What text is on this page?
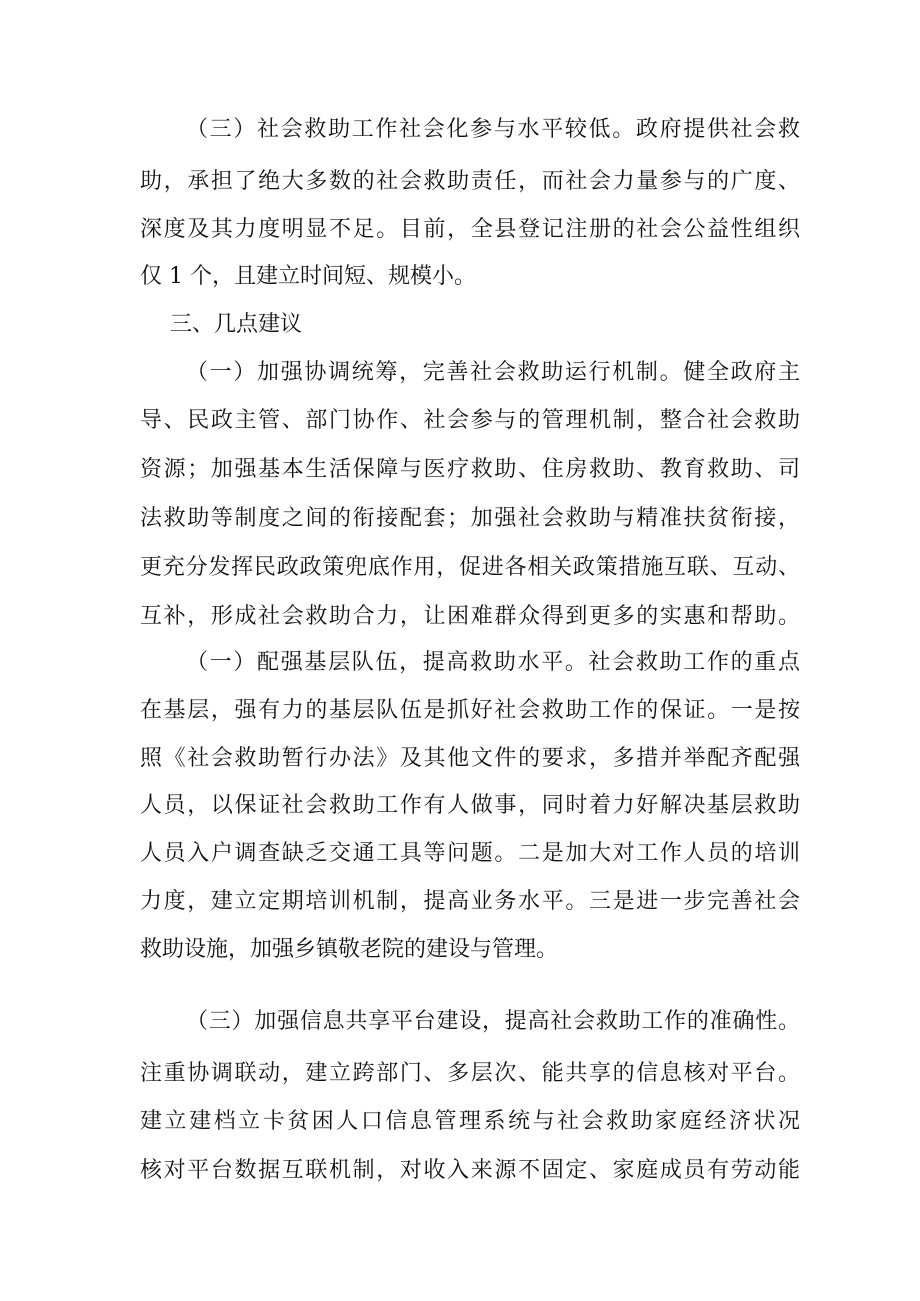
（三）社会救助工作社会化参与水平较低。政府提供社会救
助，承担了绝大多数的社会救助责任，而社会力量参与的广度、
深度及其力度明显不足。目前，全县登记注册的社会公益性组织
仅 1 个，且建立时间短、规模小。
三、几点建议
（一）加强协调统筹，完善社会救助运行机制。健全政府主
导、民政主管、部门协作、社会参与的管理机制，整合社会救助
资源；加强基本生活保障与医疗救助、住房救助、教育救助、司
法救助等制度之间的衔接配套；加强社会救助与精准扶贫衔接，
更充分发挥民政政策兜底作用，促进各相关政策措施互联、互动、
互补，形成社会救助合力，让困难群众得到更多的实惠和帮助。
（一）配强基层队伍，提高救助水平。社会救助工作的重点
在基层，强有力的基层队伍是抓好社会救助工作的保证。一是按
照《社会救助暂行办法》及其他文件的要求，多措并举配齐配强
人员，以保证社会救助工作有人做事，同时着力好解决基层救助
人员入户调查缺乏交通工具等问题。二是加大对工作人员的培训
力度，建立定期培训机制，提高业务水平。三是进一步完善社会
救助设施，加强乡镇敬老院的建设与管理。
（三）加强信息共享平台建设，提高社会救助工作的准确性。
注重协调联动，建立跨部门、多层次、能共享的信息核对平台。
建立建档立卡贫困人口信息管理系统与社会救助家庭经济状况
核对平台数据互联机制，对收入来源不固定、家庭成员有劳动能
